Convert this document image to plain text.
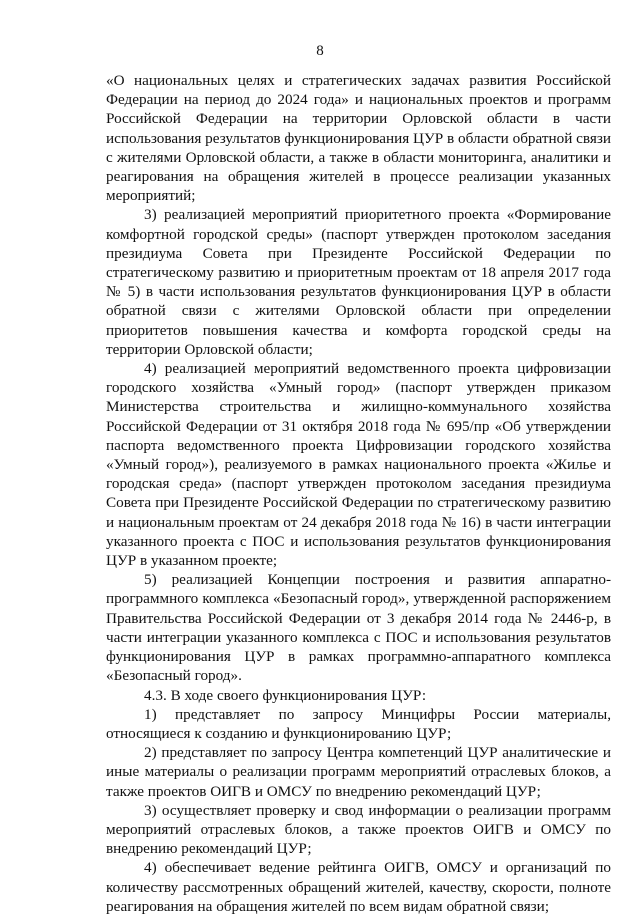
8

«О национальных целях и стратегических задачах развития Российской Федерации на период до 2024 года» и национальных проектов и программ Российской Федерации на территории Орловской области в части использования результатов функционирования ЦУР в области обратной связи с жителями Орловской области, а также в области мониторинга, аналитики и реагирования на обращения жителей в процессе реализации указанных мероприятий;

3) реализацией мероприятий приоритетного проекта «Формирование комфортной городской среды» (паспорт утвержден протоколом заседания президиума Совета при Президенте Российской Федерации по стратегическому развитию и приоритетным проектам от 18 апреля 2017 года № 5) в части использования результатов функционирования ЦУР в области обратной связи с жителями Орловской области при определении приоритетов повышения качества и комфорта городской среды на территории Орловской области;

4) реализацией мероприятий ведомственного проекта цифровизации городского хозяйства «Умный город» (паспорт утвержден приказом Министерства строительства и жилищно-коммунального хозяйства Российской Федерации от 31 октября 2018 года № 695/пр «Об утверждении паспорта ведомственного проекта Цифровизации городского хозяйства «Умный город»), реализуемого в рамках национального проекта «Жилье и городская среда» (паспорт утвержден протоколом заседания президиума Совета при Президенте Российской Федерации по стратегическому развитию и национальным проектам от 24 декабря 2018 года № 16) в части интеграции указанного проекта с ПОС и использования результатов функционирования ЦУР в указанном проекте;

5) реализацией Концепции построения и развития аппаратно-программного комплекса «Безопасный город», утвержденной распоряжением Правительства Российской Федерации от 3 декабря 2014 года № 2446-р, в части интеграции указанного комплекса с ПОС и использования результатов функционирования ЦУР в рамках программно-аппаратного комплекса «Безопасный город».

4.3. В ходе своего функционирования ЦУР:

1) представляет по запросу Минцифры России материалы, относящиеся к созданию и функционированию ЦУР;

2) представляет по запросу Центра компетенций ЦУР аналитические и иные материалы о реализации программ мероприятий отраслевых блоков, а также проектов ОИГВ и ОМСУ по внедрению рекомендаций ЦУР;

3) осуществляет проверку и свод информации о реализации программ мероприятий отраслевых блоков, а также проектов ОИГВ и ОМСУ по внедрению рекомендаций ЦУР;

4) обеспечивает ведение рейтинга ОИГВ, ОМСУ и организаций по количеству рассмотренных обращений жителей, качеству, скорости, полноте реагирования на обращения жителей по всем видам обратной связи;
